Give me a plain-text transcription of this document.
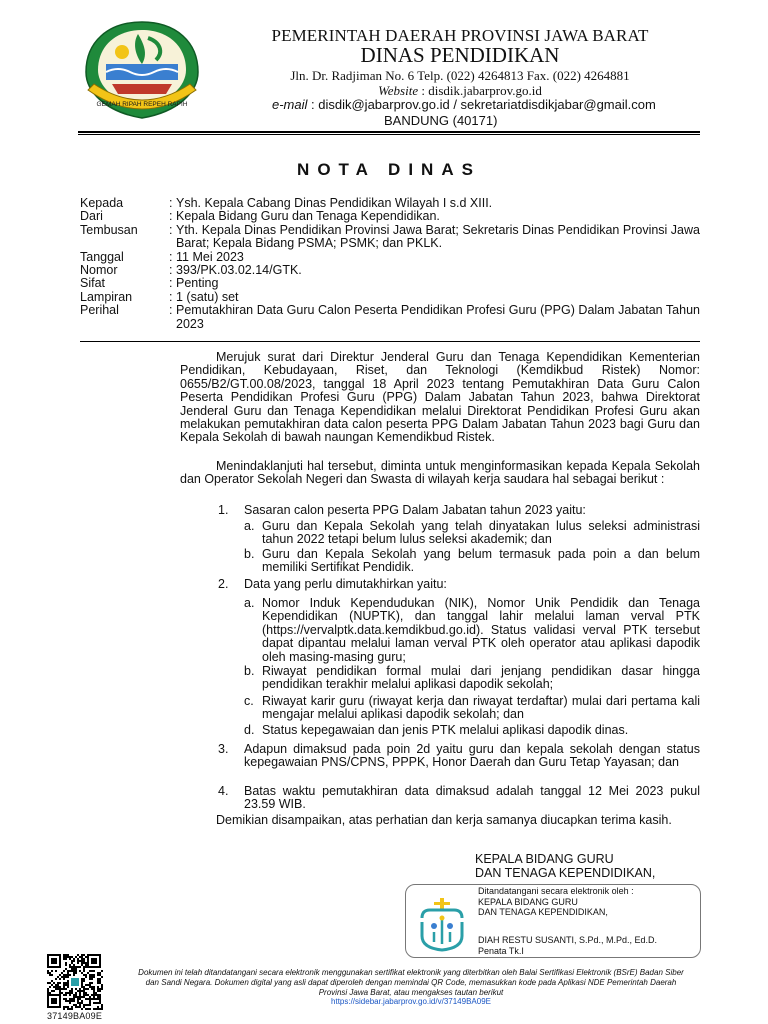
GEMAH RIPAH REPEH RAPIH
PEMERINTAH DAERAH PROVINSI JAWA BARAT
DINAS PENDIDIKAN
Jln. Dr. Radjiman No. 6 Telp. (022) 4264813 Fax. (022) 4264881
Website : disdik.jabarprov.go.id
e-mail : disdik@jabarprov.go.id / sekretariatdisdikjabar@gmail.com
BANDUNG (40171)
NOTA DINAS
Kepada	: Ysh. Kepala Cabang Dinas Pendidikan Wilayah I s.d XIII.
Dari	: Kepala Bidang Guru dan Tenaga Kependidikan.
Tembusan	: Yth. Kepala Dinas Pendidikan Provinsi Jawa Barat; Sekretaris Dinas Pendidikan Provinsi Jawa Barat; Kepala Bidang PSMA; PSMK; dan PKLK.
Tanggal	: 11 Mei 2023
Nomor	: 393/PK.03.02.14/GTK.
Sifat	: Penting
Lampiran	: 1 (satu) set
Perihal	: Pemutakhiran Data Guru Calon Peserta Pendidikan Profesi Guru (PPG) Dalam Jabatan Tahun 2023
Merujuk surat dari Direktur Jenderal Guru dan Tenaga Kependidikan Kementerian Pendidikan, Kebudayaan, Riset, dan Teknologi (Kemdikbud Ristek) Nomor: 0655/B2/GT.00.08/2023, tanggal 18 April 2023 tentang Pemutakhiran Data Guru Calon Peserta Pendidikan Profesi Guru (PPG) Dalam Jabatan Tahun 2023, bahwa Direktorat Jenderal Guru dan Tenaga Kependidikan melalui Direktorat Pendidikan Profesi Guru akan melakukan pemutakhiran data calon peserta PPG Dalam Jabatan Tahun 2023 bagi Guru dan Kepala Sekolah di bawah naungan Kemendikbud Ristek.
Menindaklanjuti hal tersebut, diminta untuk menginformasikan kepada Kepala Sekolah dan Operator Sekolah Negeri dan Swasta di wilayah kerja saudara hal sebagai berikut :
1.	Sasaran calon peserta PPG Dalam Jabatan tahun 2023 yaitu:
a. Guru dan Kepala Sekolah yang telah dinyatakan lulus seleksi administrasi tahun 2022 tetapi belum lulus seleksi akademik; dan
b. Guru dan Kepala Sekolah yang belum termasuk pada poin a dan belum memiliki Sertifikat Pendidik.
2.	Data yang perlu dimutakhirkan yaitu:
a. Nomor Induk Kependudukan (NIK), Nomor Unik Pendidik dan Tenaga Kependidikan (NUPTK), dan tanggal lahir melalui laman verval PTK (https://vervalptk.data.kemdikbud.go.id). Status validasi verval PTK tersebut dapat dipantau melalui laman verval PTK oleh operator atau aplikasi dapodik oleh masing-masing guru;
b. Riwayat pendidikan formal mulai dari jenjang pendidikan dasar hingga pendidikan terakhir melalui aplikasi dapodik sekolah;
c. Riwayat karir guru (riwayat kerja dan riwayat terdaftar) mulai dari pertama kali mengajar melalui aplikasi dapodik sekolah; dan
d. Status kepegawaian dan jenis PTK melalui aplikasi dapodik dinas.
3.	Adapun dimaksud pada poin 2d yaitu guru dan kepala sekolah dengan status kepegawaian PNS/CPNS, PPPK, Honor Daerah dan Guru Tetap Yayasan; dan
4.	Batas waktu pemutakhiran data dimaksud adalah tanggal 12 Mei 2023 pukul 23.59 WIB.
Demikian disampaikan, atas perhatian dan kerja samanya diucapkan terima kasih.
KEPALA BIDANG GURU
DAN TENAGA KEPENDIDIKAN,
Ditandatangani secara elektronik oleh :
KEPALA BIDANG GURU
DAN TENAGA KEPENDIDIKAN,
DIAH RESTU SUSANTI, S.Pd., M.Pd., Ed.D.
Penata Tk.I
37149BA09E
Dokumen ini telah ditandatangani secara elektronik menggunakan sertifikat elektronik yang diterbitkan oleh Balai Sertifikasi Elektronik (BSrE) Badan Siber dan Sandi Negara. Dokumen digital yang asli dapat diperoleh dengan memindai QR Code, memasukkan kode pada Aplikasi NDE Pemerintah Daerah Provinsi Jawa Barat, atau mengakses tautan berikut
https://sidebar.jabarprov.go.id/v/37149BA09E
